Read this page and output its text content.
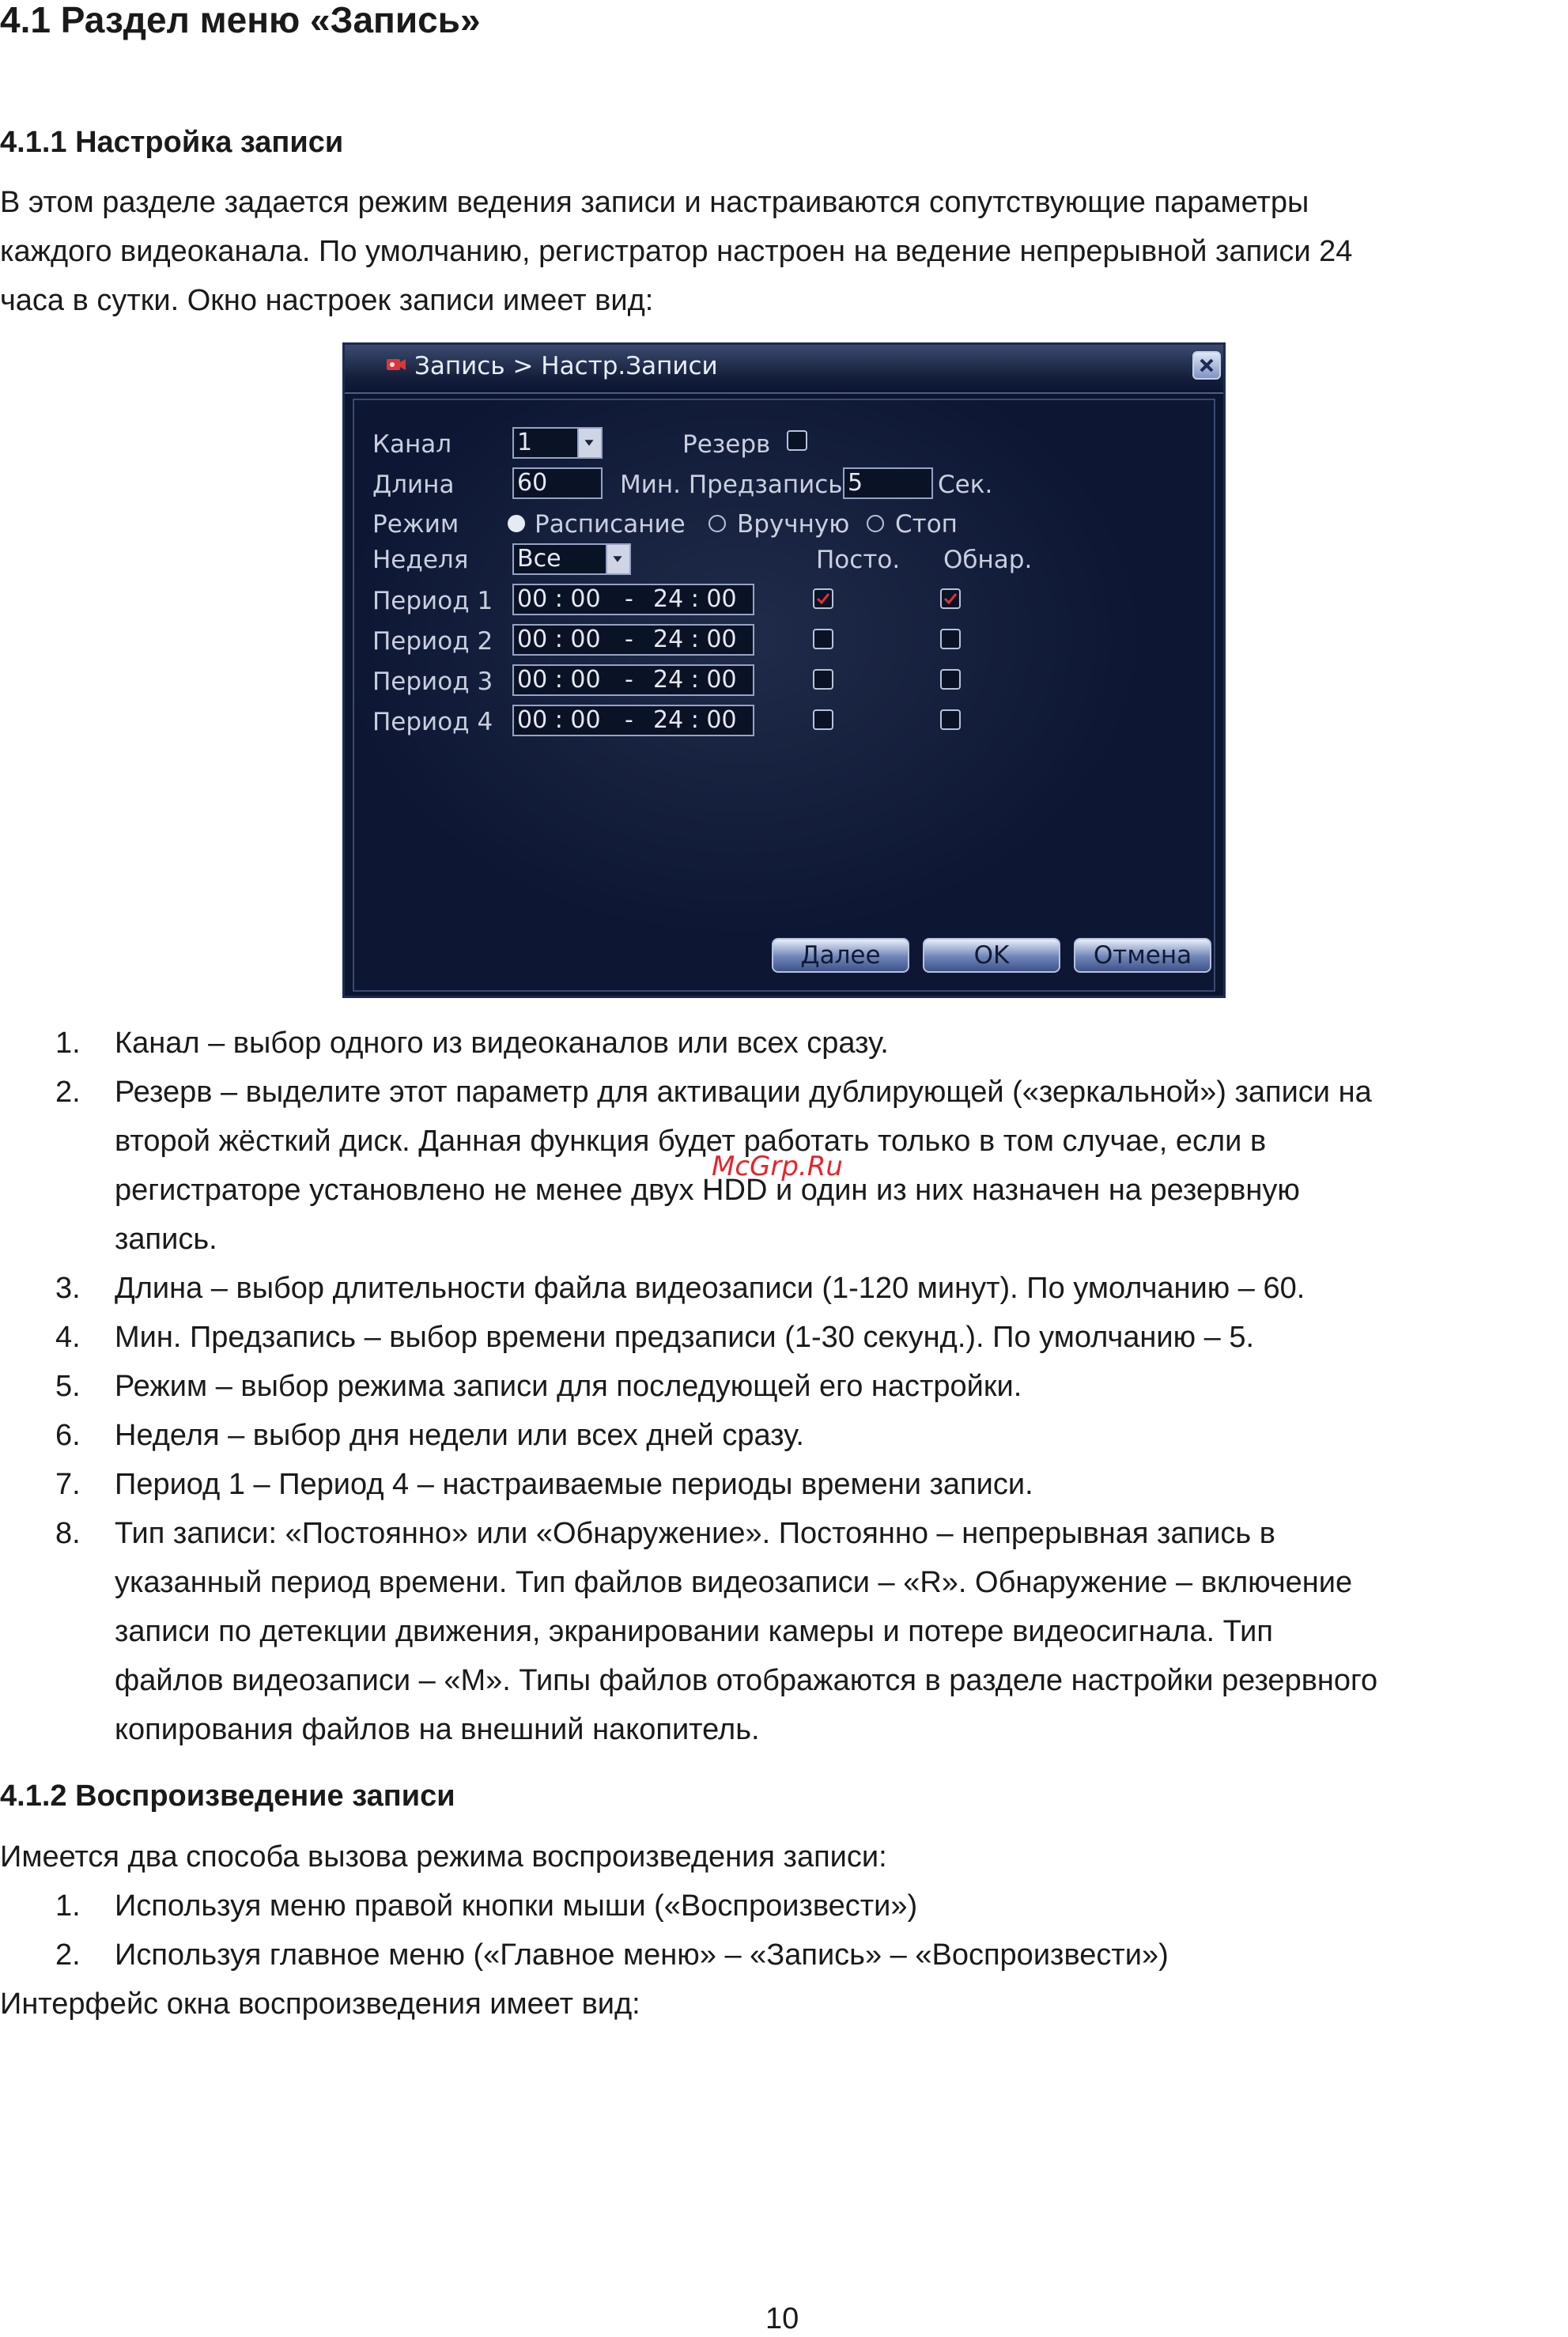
4.1 Раздел меню «Запись»
4.1.1 Настройка записи

В этом разделе задается режим ведения записи и настраиваются сопутствующие параметры

каждого видеоканала. По умолчанию, регистратор настроен на ведение непрерывной записи 24

часа в сутки. Окно настроек записи имеет вид:

Запись > Настр.Записи
Канал	1	Резерв
Длина	60	Мин. Предзапись 5	Сек.
Режим	Расписание Вручную Стоп
Неделя Все	Посто. Обнар.
Период 1 00 : 00 - 24 : 00
Период 2 00 : 00 - 24 : 00
Период 3 00 : 00 - 24 : 00
Период 4 00 : 00 - 24 : 00
Далее	OK	Отмена
1. Канал – выбор одного из видеоканалов или всех сразу.
2. Резерв – выделите этот параметр для активации дублирующей («зеркальной») записи на
второй жёсткий диск. Данная функция будет работать только в том случае, если в
регистраторе установлено не менее двух HDD и один из них назначен на резервную
запись.
3. Длина – выбор длительности файла видеозаписи (1-120 минут). По умолчанию – 60.
4. Мин. Предзапись – выбор времени предзаписи (1-30 секунд.). По умолчанию – 5.
5. Режим – выбор режима записи для последующей его настройки.
6. Неделя – выбор дня недели или всех дней сразу.
7. Период 1 – Период 4 – настраиваемые периоды времени записи.
8. Тип записи: «Постоянно» или «Обнаружение». Постоянно – непрерывная запись в
указанный период времени. Тип файлов видеозаписи – «R». Обнаружение – включение
записи по детекции движения, экранировании камеры и потере видеосигнала. Тип
файлов видеозаписи – «M». Типы файлов отображаются в разделе настройки резервного
копирования файлов на внешний накопитель.
McGrp.Ru
4.1.2 Воспроизведение записи

Имеется два способа вызова режима воспроизведения записи:

1. Используя меню правой кнопки мыши («Воспроизвести»)
2. Используя главное меню («Главное меню» – «Запись» – «Воспроизвести»)

Интерфейс окна воспроизведения имеет вид:

10
